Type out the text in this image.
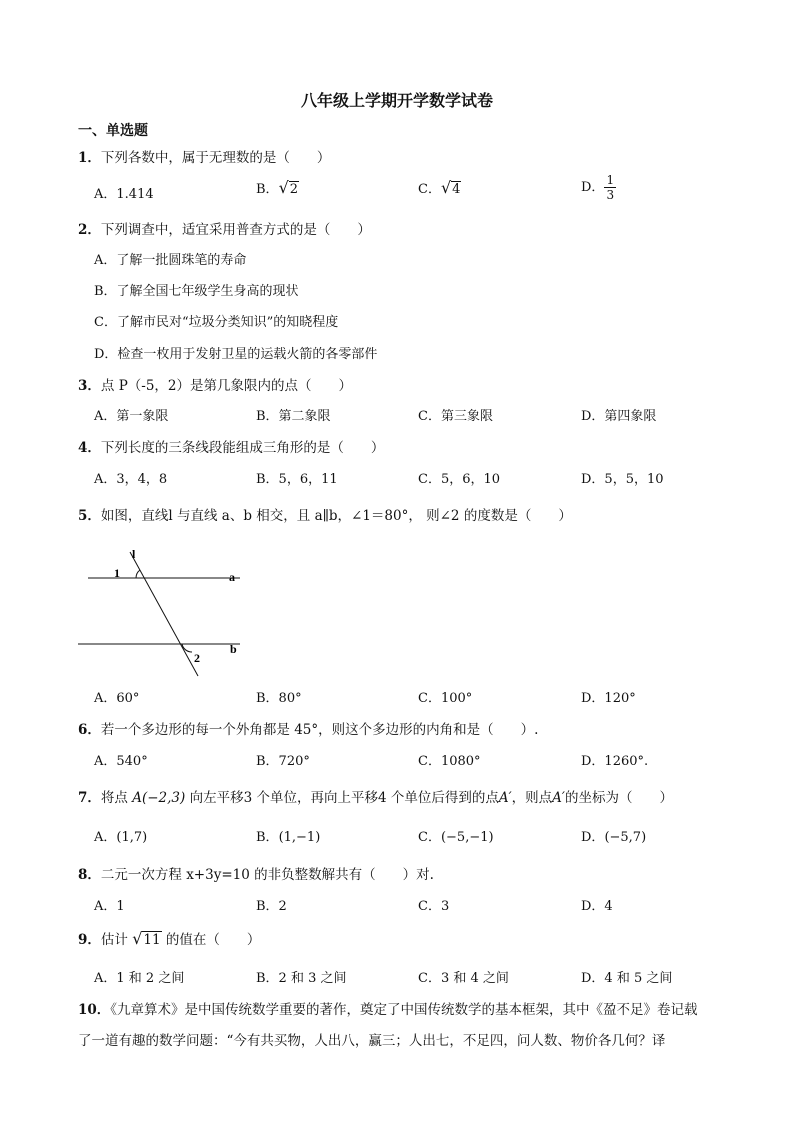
八年级上学期开学数学试卷
一、单选题
1．下列各数中，属于无理数的是（　　）
A．1.414	B．√2	C．√4	D． $\frac{1}{3}$
2．下列调查中，适宜采用普查方式的是（　　）
A．了解一批圆珠笔的寿命
B．了解全国七年级学生身高的现状
C．了解市民对“垃圾分类知识”的知晓程度
D．检查一枚用于发射卫星的运载火箭的各零部件
3．点 P（-5，2）是第几象限内的点（　　）
A．第一象限	B．第二象限	C．第三象限	D．第四象限
4．下列长度的三条线段能组成三角形的是（　　）
A．3，4，8	B．5，6，11	C．5，6，10	D．5，5，10
5．如图，直线l 与直线 a、b 相交，且 a∥b，∠1＝80°， 则∠2 的度数是（　　）
l
1	a
b
2
A．60°	B．80°	C．100°	D．120°
6．若一个多边形的每一个外角都是 45°，则这个多边形的内角和是（　　）.
A．540°	B．720°	C．1080°	D．1260°.
7．将点 A(−2,3) 向左平移3 个单位，再向上平移4 个单位后得到的点A′，则点A′的坐标为（　　）
A．(1,7)	B．(1,−1)	C．(−5,−1)	D．(−5,7)
8．二元一次方程 x+3y=10 的非负整数解共有（　　）对.
A．1	B．2	C．3	D．4
9．估计 √11 的值在（　　）
A．1 和 2 之间	B．2 和 3 之间	C．3 和 4 之间	D．4 和 5 之间
10．《九章算术》是中国传统数学重要的著作，奠定了中国传统数学的基本框架，其中《盈不足》卷记载
了一道有趣的数学问题：“今有共买物，人出八，赢三；人出七，不足四，问人数、物价各几何？译
